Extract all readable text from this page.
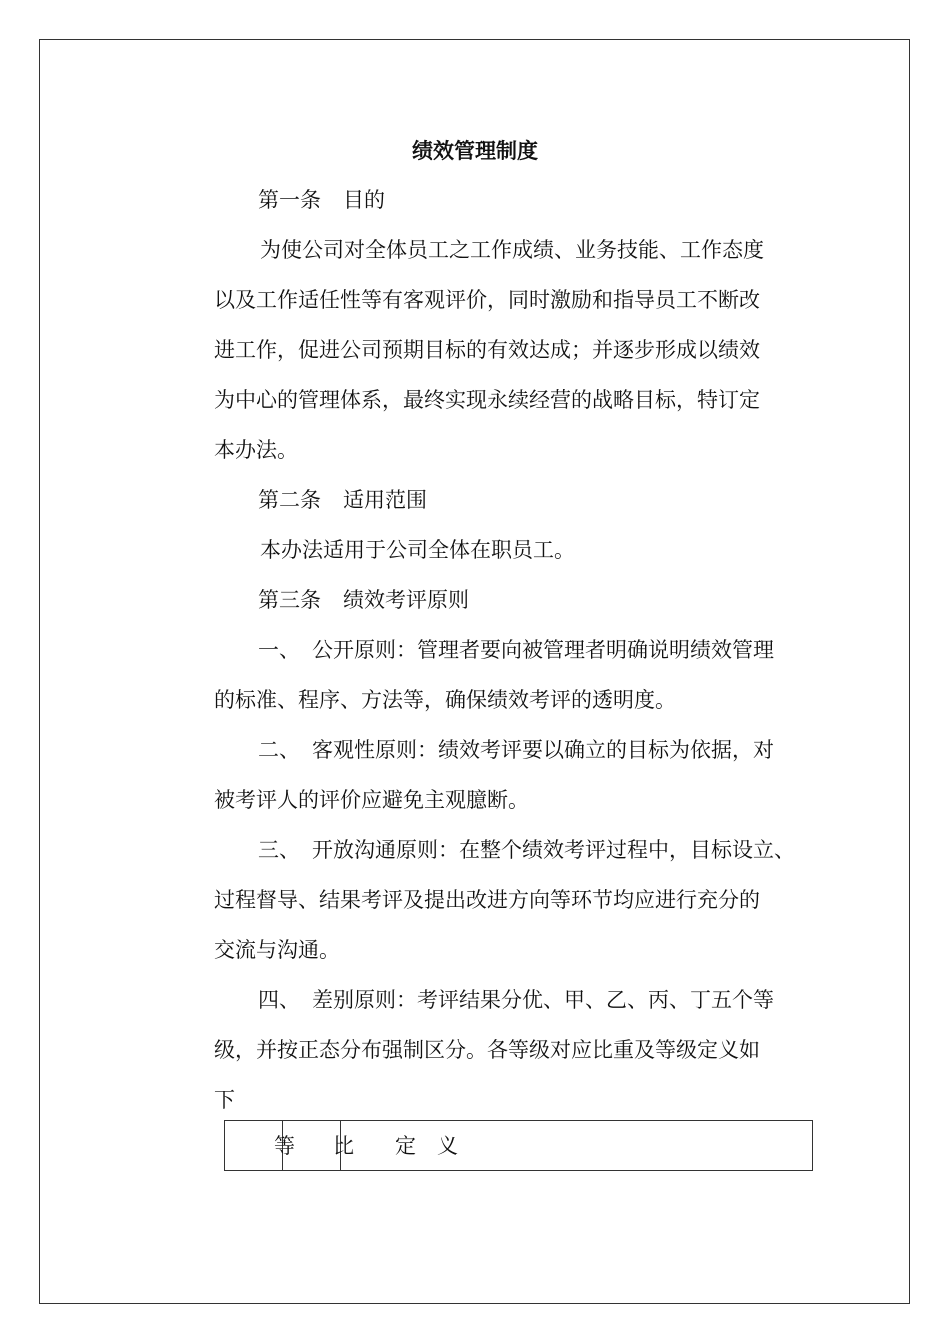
绩效管理制度

第一条 目的

为使公司对全体员工之工作成绩、业务技能、工作态度

以及工作适任性等有客观评价，同时激励和指导员工不断改

进工作，促进公司预期目标的有效达成；并逐步形成以绩效

为中心的管理体系，最终实现永续经营的战略目标，特订定

本办法。

第二条 适用范围

本办法适用于公司全体在职员工。

第三条 绩效考评原则

一、 公开原则：管理者要向被管理者明确说明绩效管理

的标准、程序、方法等，确保绩效考评的透明度。

二、 客观性原则：绩效考评要以确立的目标为依据，对

被考评人的评价应避免主观臆断。

三、 开放沟通原则：在整个绩效考评过程中，目标设立、

过程督导、结果考评及提出改进方向等环节均应进行充分的

交流与沟通。

四、 差别原则：考评结果分优、甲、乙、丙、丁五个等

级，并按正态分布强制区分。各等级对应比重及等级定义如

下

等 比 定　义
